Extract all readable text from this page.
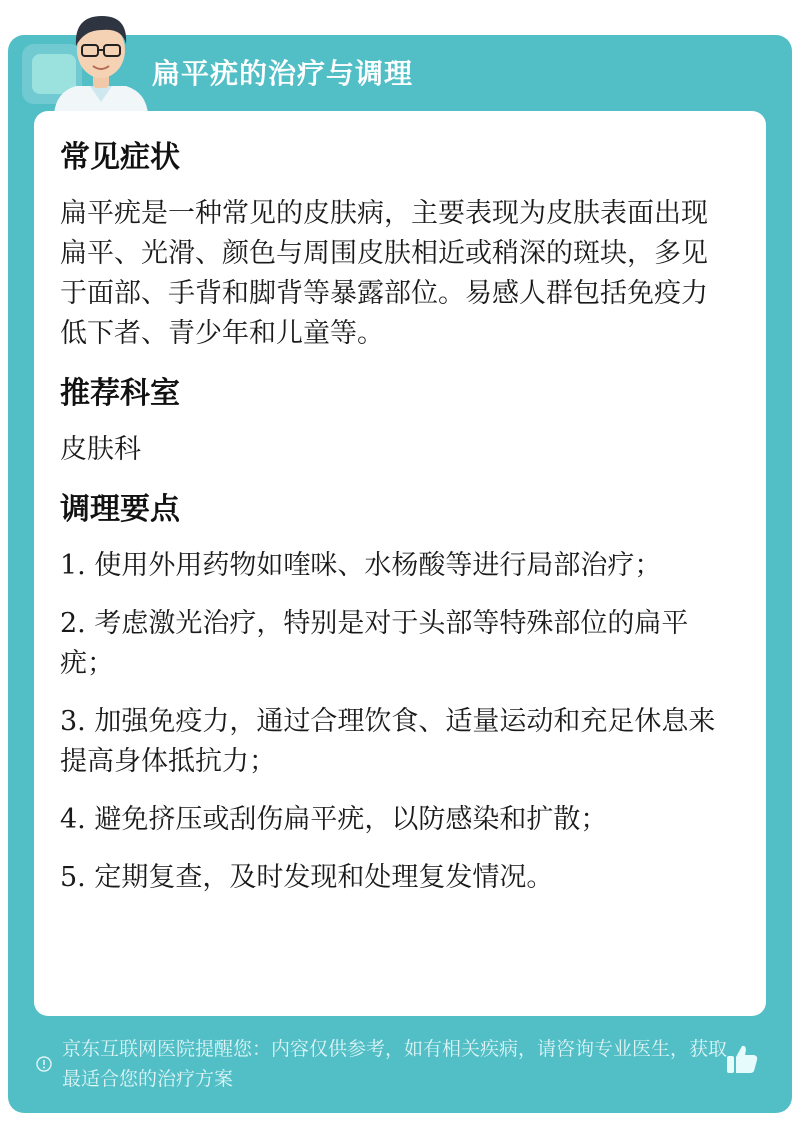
扁平疣的治疗与调理
常见症状

扁平疣是一种常见的皮肤病，主要表现为皮肤表面出现扁平、光滑、颜色与周围皮肤相近或稍深的斑块，多见于面部、手背和脚背等暴露部位。易感人群包括免疫力低下者、青少年和儿童等。

推荐科室

皮肤科

调理要点
1. 使用外用药物如喹咪、水杨酸等进行局部治疗；
2. 考虑激光治疗，特别是对于头部等特殊部位的扁平疣；
3. 加强免疫力，通过合理饮食、适量运动和充足休息来提高身体抵抗力；
4. 避免挤压或刮伤扁平疣，以防感染和扩散；
5. 定期复查，及时发现和处理复发情况。
京东互联网医院提醒您：内容仅供参考，如有相关疾病，请咨询专业医生，获取最适合您的治疗方案
